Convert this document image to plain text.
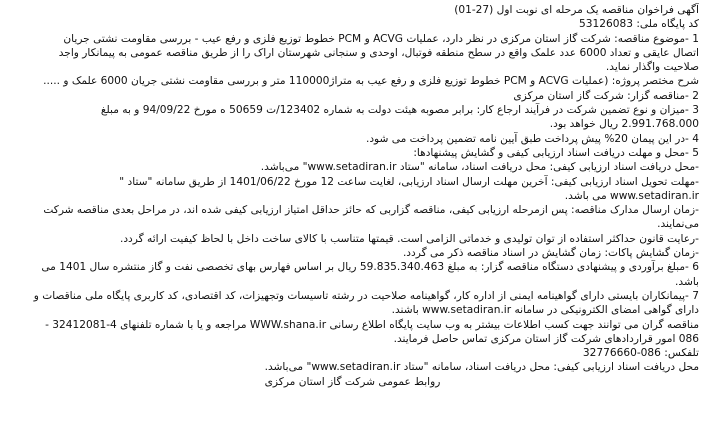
آگهی فراخوان مناقصه یک مرحله ای نوبت اول (27-01)
کد پایگاه ملی: 53126083
1 -موضوع مناقصه: شرکت گاز استان مرکزی در نظر دارد، عملیات ACVG و PCM خطوط توزیع فلزی و رفع عیب - بررسی مقاومت نشتی جریان
اتصال عایقی و تعداد 6000 عدد علمک واقع در سطح منطقه فوتبال، اوحدی و سنجانی شهرستان اراک را از طریق مناقصه عمومی به پیمانکار واجد
صلاحیت واگذار نماید.
شرح مختصر پروژه: (عملیات ACVG و PCM خطوط توزیع فلزی و رفع عیب به متراژ110000 متر و بررسی مقاومت نشتی جریان 6000 علمک و .....
2 -مناقصه گزار: شرکت گاز استان مرکزی
3 -میزان و نوع تضمین شرکت در فرآیند ارجاع کار: برابر مصوبه هیئت دولت به شماره 123402/ت 50659 ه مورخ 94/09/22 و به مبلغ
2.991.768.000 ریال خواهد بود.
4 -در این پیمان 20% پیش پرداخت طبق آیین نامه تضمین پرداخت می شود.
5 -محل و مهلت دریافت اسناد ارزیابی کیفی و گشایش پیشنهادها:
-محل دریافت اسناد ارزیابی کیفی: محل دریافت اسناد، سامانه "ستاد www.setadiran.ir" می‌باشد.
-مهلت تحویل اسناد ارزیابی کیفی: آخرین مهلت ارسال اسناد ارزیابی، لغایت ساعت 12 مورخ 1401/06/22 از طریق سامانه "ستاد "
www.setadiran.ir می باشد.
-زمان ارسال مدارک مناقصه: پس ازمرحله ارزیابی کیفی، مناقصه گزاربی که حائز حداقل امتیاز ارزیابی کیفی شده اند، در مراحل بعدی مناقصه شرکت
می‌نمایند.
-رعایت قانون حداکثر استفاده از توان تولیدی و خدماتی الزامی است. قیمتها متناسب با کالای ساخت داخل با لحاظ کیفیت ارائه گردد.
-زمان گشایش پاکات: زمان گشایش در اسناد مناقصه ذکر می گردد.
6 -مبلغ برآوردی و پیشنهادی دستگاه مناقصه گزار: به مبلغ 59.835.340.463 ریال بر اساس فهارس بهای تخصصی نفت و گاز منتشره سال 1401 می
باشد.
7 -پیمانکاران بایستی دارای گواهینامه ایمنی از اداره کار، گواهینامه صلاحیت در رشته تاسیسات وتجهیزات، کد اقتصادی، کد کاربری پایگاه ملی مناقصات و
دارای گواهی امضای الکترونیکی در سامانه www.setadiran.ir باشند.
مناقصه گران می توانند جهت کسب اطلاعات بیشتر به وب سایت پایگاه اطلاع رسانی WWW.shana.ir مراجعه و یا با شماره تلفنهای 4-32412081 -
086 امور قراردادهای شرکت گاز استان مرکزی تماس حاصل فرمایند.
تلفکس: 086-32776660
محل دریافت اسناد ارزیابی کیفی: محل دریافت اسناد، سامانه "ستاد www.setadiran.ir" می‌باشد.
روابط عمومی شرکت گاز استان مرکزی
